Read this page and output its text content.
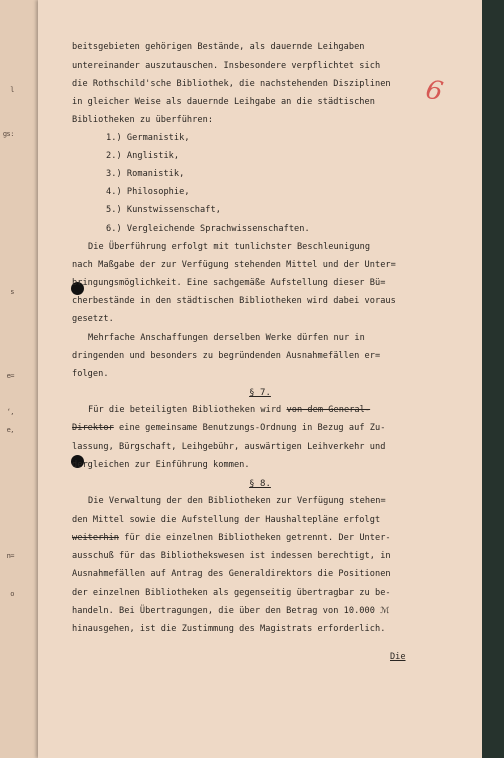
l
gs:
s
e=
‘,
e,
n=
o
6
beitsgebieten gehörigen Bestände, als dauernde Leihgaben
untereinander auszutauschen. Insbesondere verpflichtet sich
die Rothschild'sche Bibliothek, die nachstehenden Disziplinen
in gleicher Weise als dauernde Leihgabe an die städtischen
Bibliotheken zu überführen:
1.) Germanistik,
2.) Anglistik,
3.) Romanistik,
4.) Philosophie,
5.) Kunstwissenschaft,
6.) Vergleichende Sprachwissenschaften.
Die Überführung erfolgt mit tunlichster Beschleunigung
nach Maßgabe der zur Verfügung stehenden Mittel und der Unter=
bringungsmöglichkeit. Eine sachgemäße Aufstellung dieser Bü=
cherbestände in den städtischen Bibliotheken wird dabei voraus
gesetzt.
Mehrfache Anschaffungen derselben Werke dürfen nur in
dringenden und besonders zu begründenden Ausnahmefällen er=
folgen.
§ 7.
Für die beteiligten Bibliotheken wird von dem General-
Direktor eine gemeinsame Benutzungs-Ordnung in Bezug auf Zu-
lassung, Bürgschaft, Leihgebühr, auswärtigen Leihverkehr und
dergleichen zur Einführung kommen.
§ 8.
Die Verwaltung der den Bibliotheken zur Verfügung stehen=
den Mittel sowie die Aufstellung der Haushaltepläne erfolgt
weiterhin für die einzelnen Bibliotheken getrennt. Der Unter-
ausschuß für das Bibliothekswesen ist indessen berechtigt, in
Ausnahmefällen auf Antrag des Generaldirektors die Positionen
der einzelnen Bibliotheken als gegenseitig übertragbar zu be-
handeln. Bei Übertragungen, die über den Betrag von 10.000 ℳ
hinausgehen, ist die Zustimmung des Magistrats erforderlich.
Die
